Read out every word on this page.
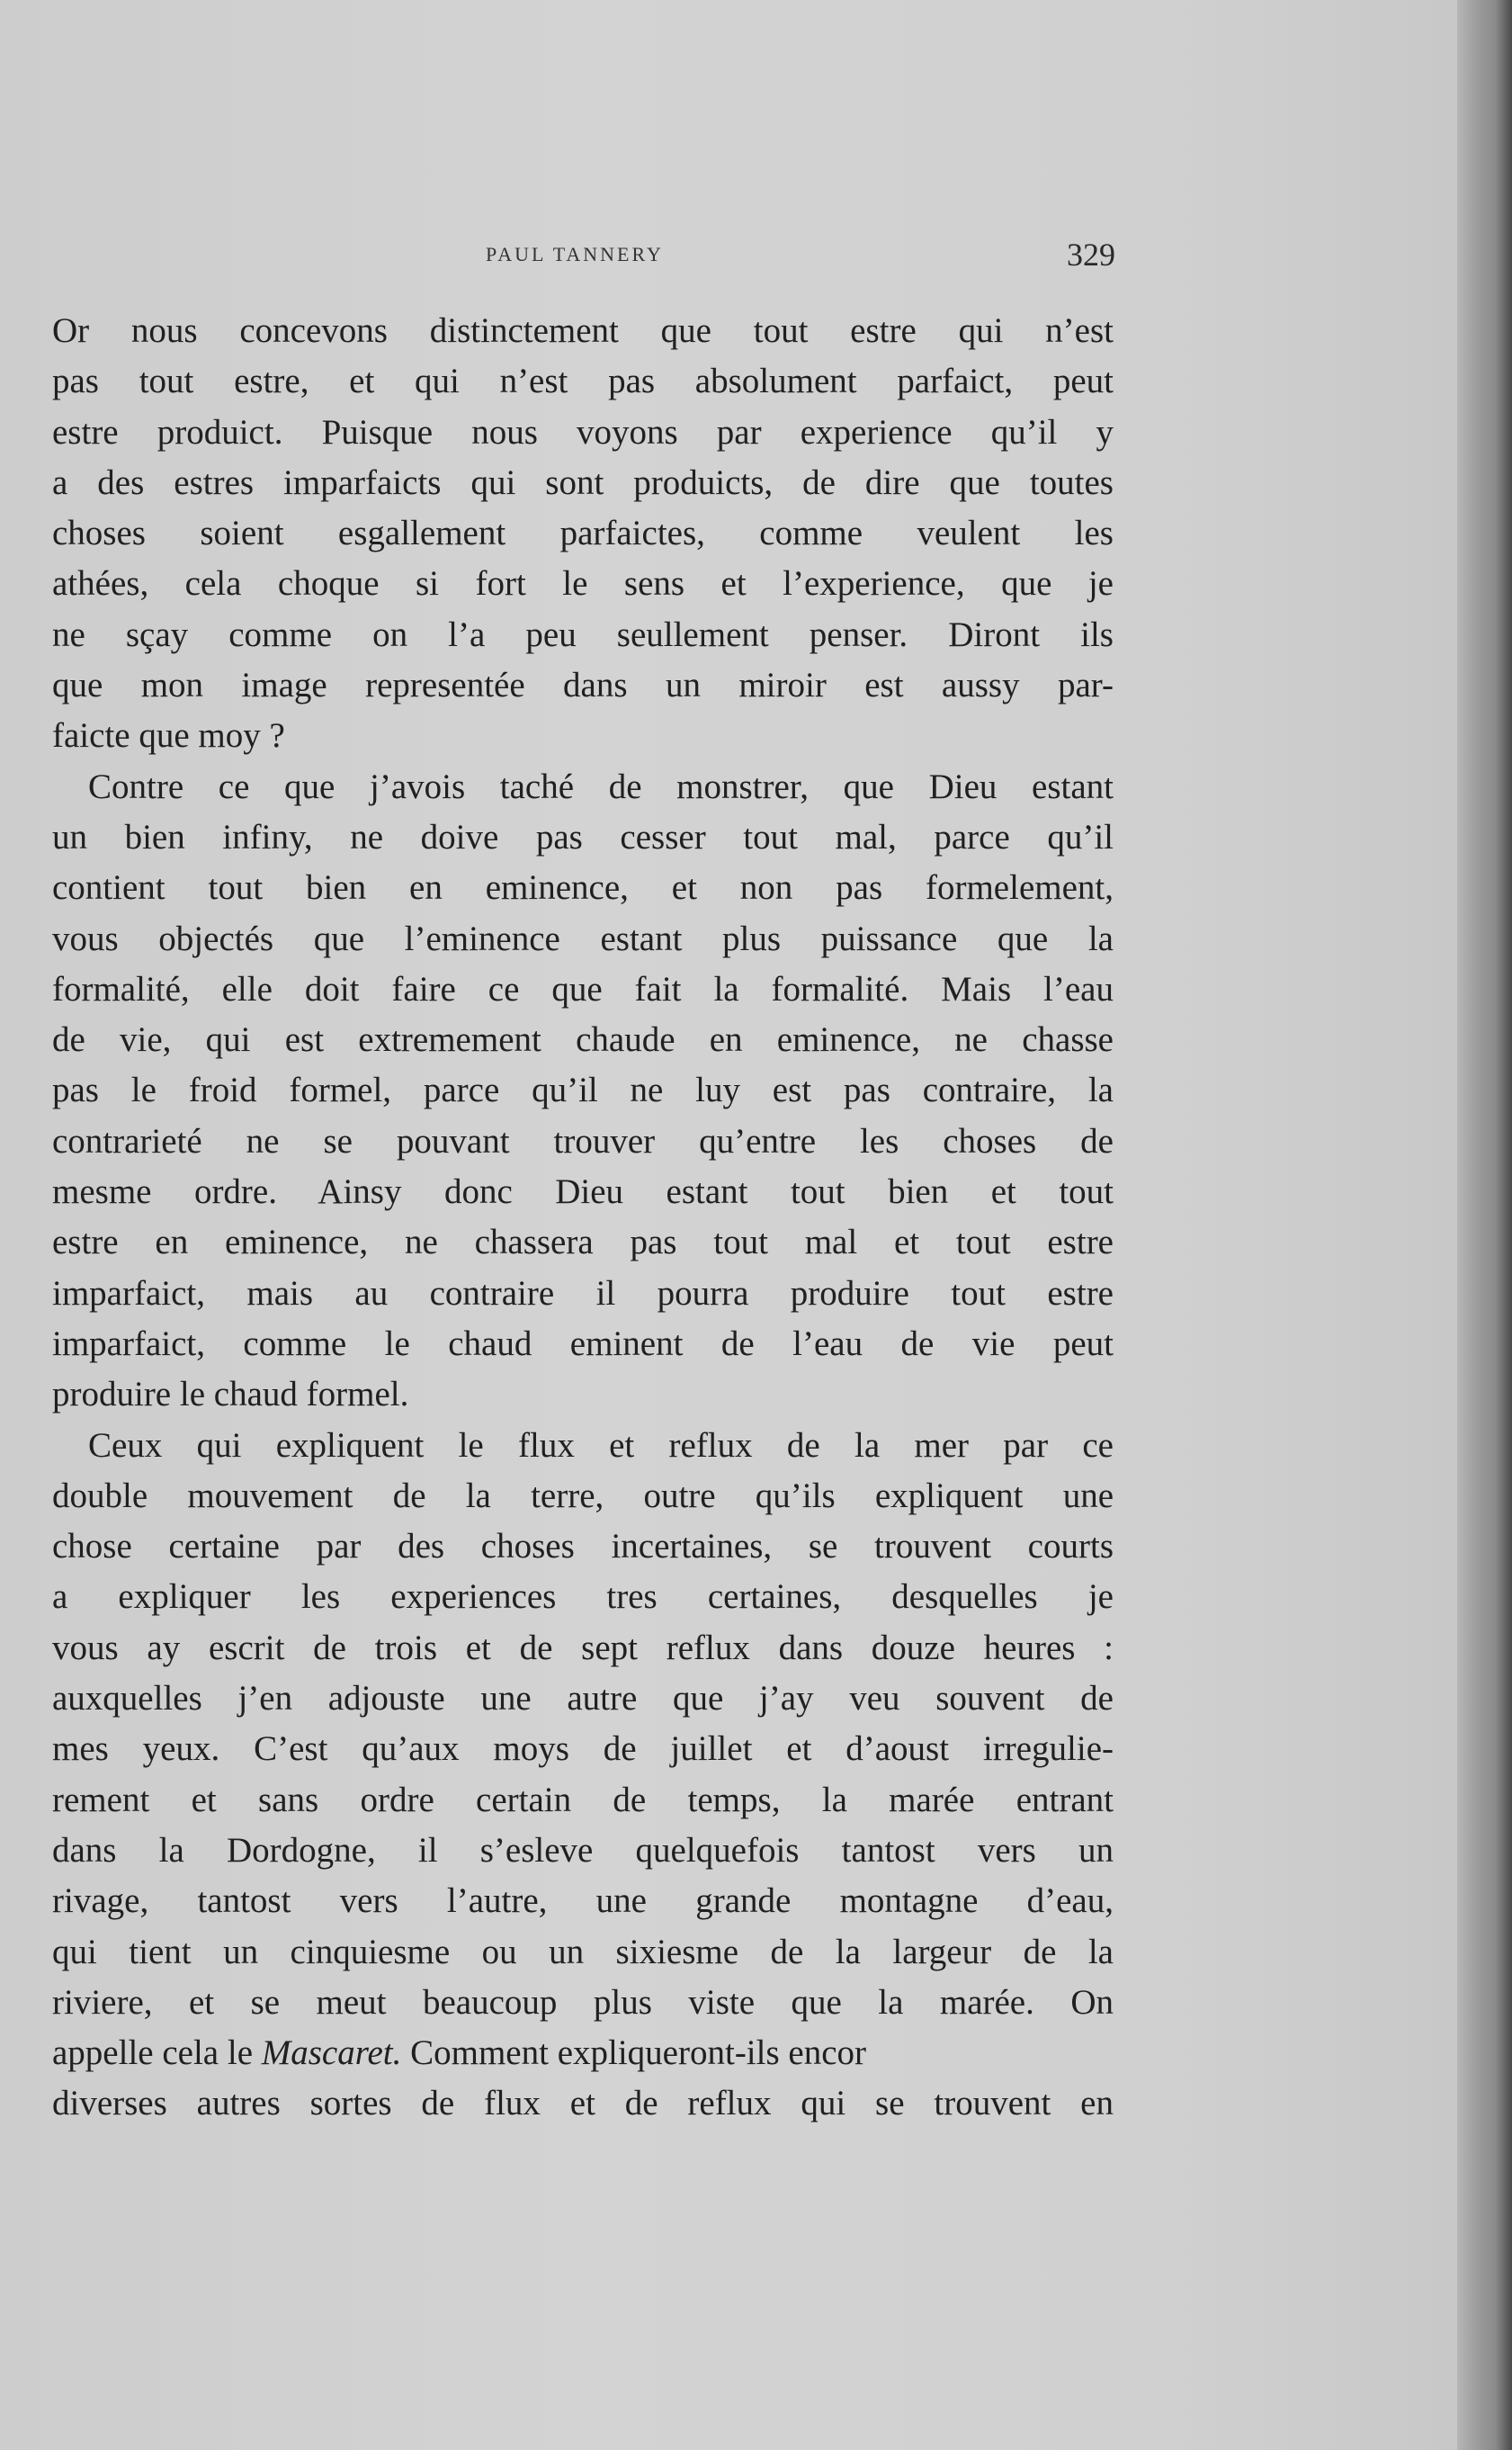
PAUL TANNERY	329
Or nous concevons distinctement que tout estre qui n’est
pas tout estre, et qui n’est pas absolument parfaict, peut
estre produict. Puisque nous voyons par experience qu’il y
a des estres imparfaicts qui sont produicts, de dire que toutes
choses soient esgallement parfaictes, comme veulent les
athées, cela choque si fort le sens et l’experience, que je
ne sçay comme on l’a peu seullement penser. Diront ils
que mon image representée dans un miroir est aussy par-
faicte que moy ?
Contre ce que j’avois taché de monstrer, que Dieu estant
un bien infiny, ne doive pas cesser tout mal, parce qu’il
contient tout bien en eminence, et non pas formelement,
vous objectés que l’eminence estant plus puissance que la
formalité, elle doit faire ce que fait la formalité. Mais l’eau
de vie, qui est extremement chaude en eminence, ne chasse
pas le froid formel, parce qu’il ne luy est pas contraire, la
contrarieté ne se pouvant trouver qu’entre les choses de
mesme ordre. Ainsy donc Dieu estant tout bien et tout
estre en eminence, ne chassera pas tout mal et tout estre
imparfaict, mais au contraire il pourra produire tout estre
imparfaict, comme le chaud eminent de l’eau de vie peut
produire le chaud formel.
Ceux qui expliquent le flux et reflux de la mer par ce
double mouvement de la terre, outre qu’ils expliquent une
chose certaine par des choses incertaines, se trouvent courts
a expliquer les experiences tres certaines, desquelles je
vous ay escrit de trois et de sept reflux dans douze heures :
auxquelles j’en adjouste une autre que j’ay veu souvent de
mes yeux. C’est qu’aux moys de juillet et d’aoust irregulie-
rement et sans ordre certain de temps, la marée entrant
dans la Dordogne, il s’esleve quelquefois tantost vers un
rivage, tantost vers l’autre, une grande montagne d’eau,
qui tient un cinquiesme ou un sixiesme de la largeur de la
riviere, et se meut beaucoup plus viste que la marée. On
appelle cela le Mascaret. Comment expliqueront-ils encor
diverses autres sortes de flux et de reflux qui se trouvent en
